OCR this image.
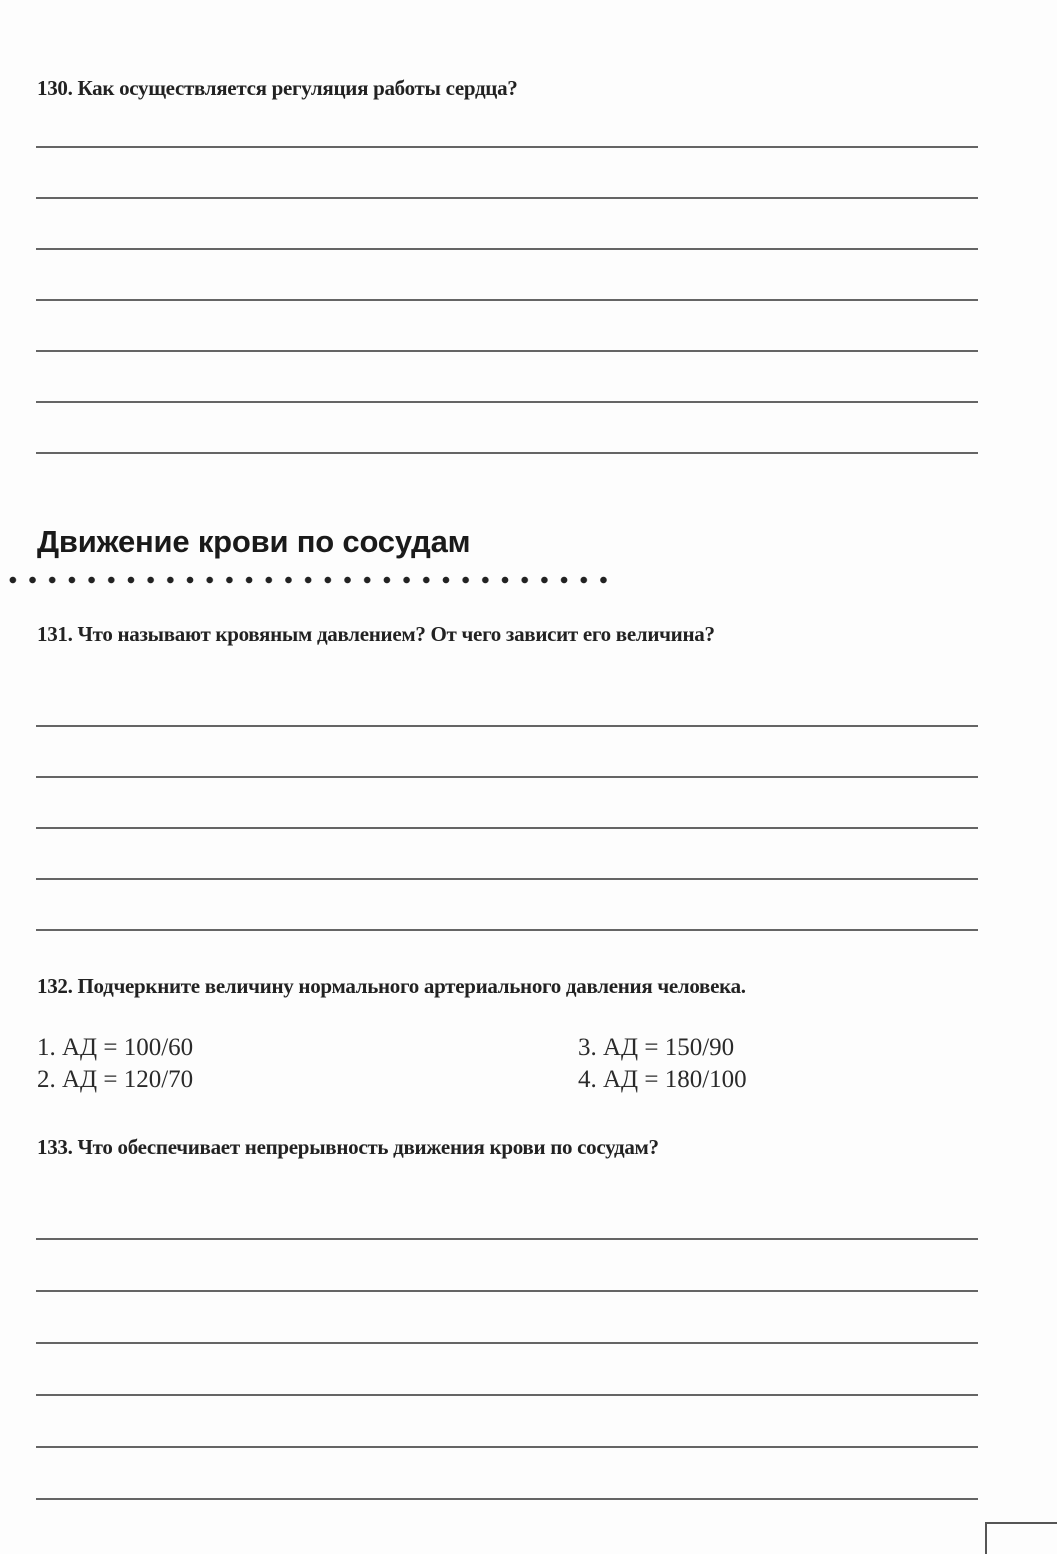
130. Как осуществляется регуляция работы сердца?
Движение крови по сосудам
131. Что называют кровяным давлением? От чего зависит его величина?
132. Подчеркните величину нормального артериального давления человека.
1. АД = 100/60
2. АД = 120/70
3. АД = 150/90
4. АД = 180/100
133. Что обеспечивает непрерывность движения крови по сосудам?
